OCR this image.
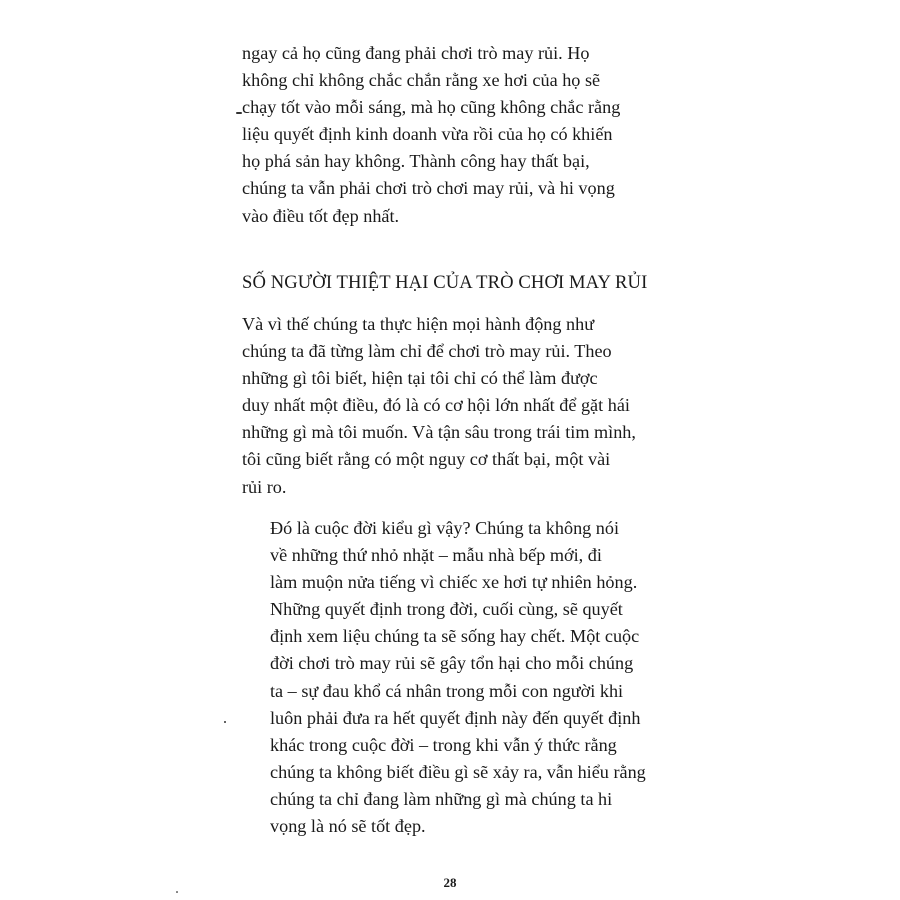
ngay cả họ cũng đang phải chơi trò may rủi. Họ
không chỉ không chắc chắn rằng xe hơi của họ sẽ
chạy tốt vào mỗi sáng, mà họ cũng không chắc rằng
liệu quyết định kinh doanh vừa rồi của họ có khiến
họ phá sản hay không. Thành công hay thất bại,
chúng ta vẫn phải chơi trò chơi may rủi, và hi vọng
vào điều tốt đẹp nhất.
SỐ NGƯỜI THIỆT HẠI CỦA TRÒ CHƠI MAY RỦI
Và vì thế chúng ta thực hiện mọi hành động như
chúng ta đã từng làm chỉ để chơi trò may rủi. Theo
những gì tôi biết, hiện tại tôi chỉ có thể làm được
duy nhất một điều, đó là có cơ hội lớn nhất để gặt hái
những gì mà tôi muốn. Và tận sâu trong trái tim mình,
tôi cũng biết rằng có một nguy cơ thất bại, một vài
rủi ro.
Đó là cuộc đời kiểu gì vậy? Chúng ta không nói
về những thứ nhỏ nhặt – mẫu nhà bếp mới, đi
làm muộn nửa tiếng vì chiếc xe hơi tự nhiên hỏng.
Những quyết định trong đời, cuối cùng, sẽ quyết
định xem liệu chúng ta sẽ sống hay chết. Một cuộc
đời chơi trò may rủi sẽ gây tổn hại cho mỗi chúng
ta – sự đau khổ cá nhân trong mỗi con người khi
luôn phải đưa ra hết quyết định này đến quyết định
khác trong cuộc đời – trong khi vẫn ý thức rằng
chúng ta không biết điều gì sẽ xảy ra, vẫn hiểu rằng
chúng ta chỉ đang làm những gì mà chúng ta hi
vọng là nó sẽ tốt đẹp.
28
